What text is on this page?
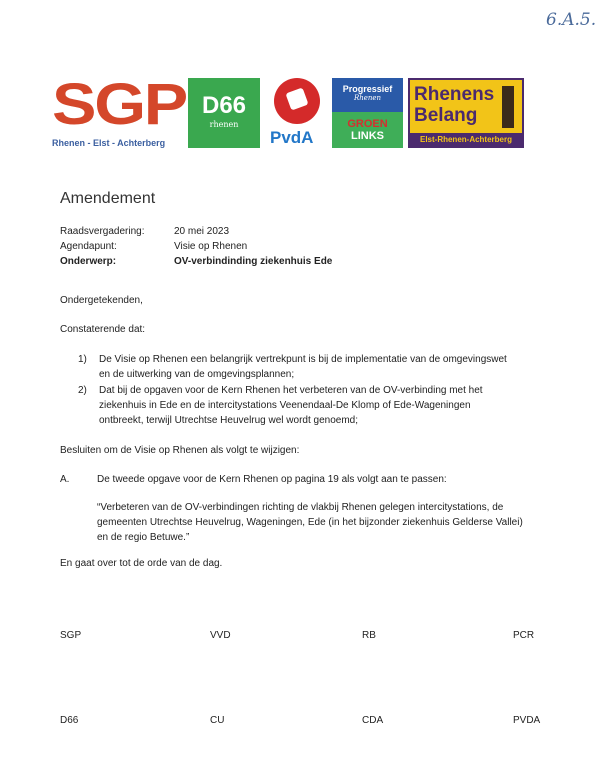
6.A.5.
SGP
Rhenen - Elst - Achterberg
D66
rhenen
PvdA
Progressief
Rhenen
GROEN
LINKS
Rhenens
Belang
Elst-Rhenen-Achterberg
Amendement
Raadsvergadering:	20 mei 2023
Agendapunt:	Visie op Rhenen
Onderwerp:	OV-verbindinding ziekenhuis Ede
Ondergetekenden,
Constaterende dat:
1) De Visie op Rhenen een belangrijk vertrekpunt is bij de implementatie van de omgevingswet
en de uitwerking van de omgevingsplannen;
2) Dat bij de opgaven voor de Kern Rhenen het verbeteren van de OV-verbinding met het
ziekenhuis in Ede en de intercitystations Veenendaal-De Klomp of Ede-Wageningen
ontbreekt, terwijl Utrechtse Heuvelrug wel wordt genoemd;
Besluiten om de Visie op Rhenen als volgt te wijzigen:
A.	De tweede opgave voor de Kern Rhenen op pagina 19 als volgt aan te passen:
“Verbeteren van de OV-verbindingen richting de vlakbij Rhenen gelegen intercitystations, de
gemeenten Utrechtse Heuvelrug, Wageningen, Ede (in het bijzonder ziekenhuis Gelderse Vallei)
en de regio Betuwe.”
En gaat over tot de orde van de dag.
SGP	VVD	RB	PCR
D66	CU	CDA	PVDA
